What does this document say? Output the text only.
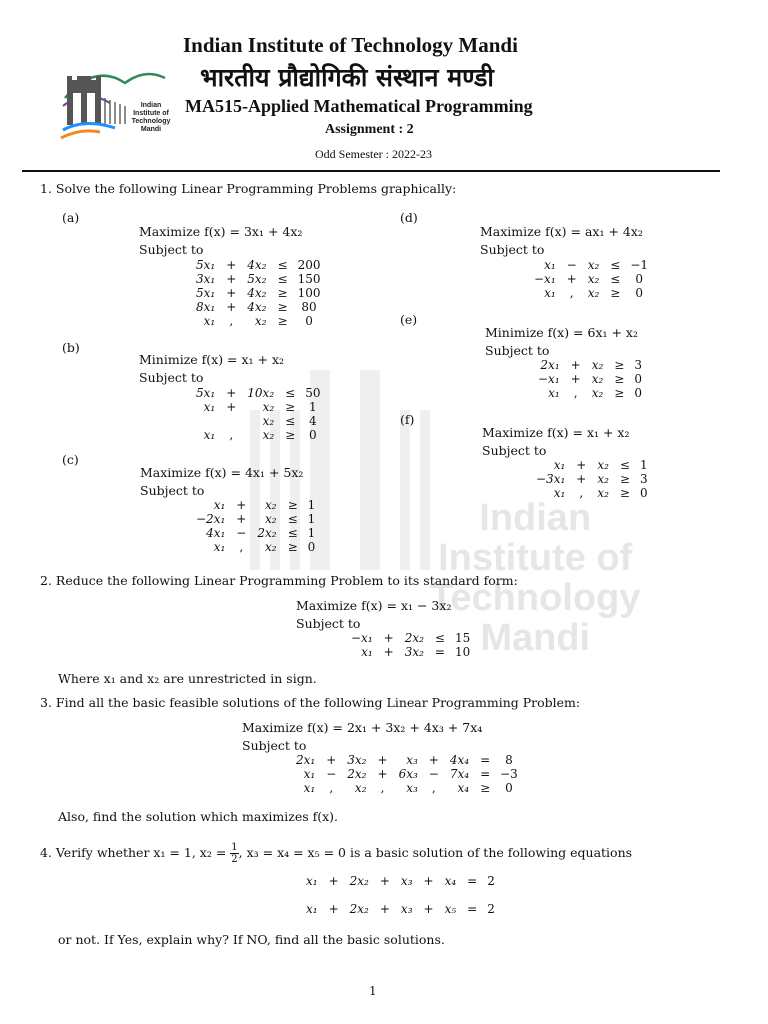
Indian
Institute of
Technology
Mandi
Indian
Institute of
Technology
Mandi
Indian Institute of Technology Mandi
भारतीय प्रौद्योगिकी संस्थान मण्डी
MA515-Applied Mathematical Programming
Assignment : 2
Odd Semester : 2022-23
1. Solve the following Linear Programming Problems graphically:
(a)
Maximize f(x) = 3x₁ + 4x₂
Subject to
5x₁	+	4x₂	≤	200
3x₁	+	5x₂	≤	150
5x₁	+	4x₂	≥	100
8x₁	+	4x₂	≥	80
x₁	,	x₂	≥	0
(b)
Minimize f(x) = x₁ + x₂
Subject to
5x₁	+	10x₂	≤	50
x₁	+	x₂	≥	1
		x₂	≤	4
x₁	,	x₂	≥	0
(c)
Maximize f(x) = 4x₁ + 5x₂
Subject to
x₁	+	x₂	≥	1
−2x₁	+	x₂	≤	1
4x₁	−	2x₂	≤	1
x₁	,	x₂	≥	0
(d)
Maximize f(x) = ax₁ + 4x₂
Subject to
x₁	−	x₂	≤	−1
−x₁	+	x₂	≤	0
x₁	,	x₂	≥	0
(e)
Minimize f(x) = 6x₁ + x₂
Subject to
2x₁	+	x₂	≥	3
−x₁	+	x₂	≥	0
x₁	,	x₂	≥	0
(f)
Maximize f(x) = x₁ + x₂
Subject to
x₁	+	x₂	≤	1
−3x₁	+	x₂	≥	3
x₁	,	x₂	≥	0
2. Reduce the following Linear Programming Problem to its standard form:
Maximize f(x) = x₁ − 3x₂
Subject to
−x₁	+	2x₂	≤	15
x₁	+	3x₂	=	10
Where x₁ and x₂ are unrestricted in sign.
3. Find all the basic feasible solutions of the following Linear Programming Problem:
Maximize f(x) = 2x₁ + 3x₂ + 4x₃ + 7x₄
Subject to
2x₁	+	3x₂	+	x₃	+	4x₄	=	8
x₁	−	2x₂	+	6x₃	−	7x₄	=	−3
x₁	,	x₂	,	x₃	,	x₄	≥	0
Also, find the solution which maximizes f(x).
4. Verify whether x₁ = 1, $x_2 = \frac{1}{2}$ , x₃ = x₄ = x₅ = 0 is a basic solution of the following equations
x₁	+	2x₂	+	x₃	+	x₄	=	2
x₁	+	2x₂	+	x₃	+	x₅	=	2
or not. If Yes, explain why? If NO, find all the basic solutions.
1
